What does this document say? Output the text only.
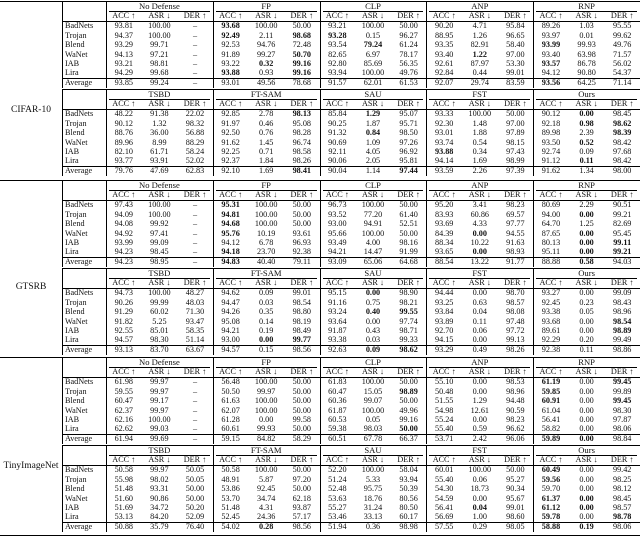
CIFAR-10
No Defense	FP	CLP	ANP	RNP
ACC ↑	ASR ↓	DER ↑	ACC ↑	ASR ↓	DER ↑	ACC ↑	ASR ↓	DER ↑	ACC ↑	ASR ↓	DER ↑	ACC ↑	ASR ↓	DER ↑
BadNets	93.81	100.00	–	93.68	100.00	50.00	93.21	100.00	50.00	90.20	4.71	95.84	89.26	1.03	95.55
Trojan	94.37	100.00	–	92.49	2.11	98.68	93.28	0.15	96.27	88.95	1.26	96.65	93.97	0.01	99.62
Blend	93.29	99.71	–	92.53	94.76	72.48	93.54	79.24	61.24	93.35	82.91	58.40	93.99	99.93	49.76
WaNet	94.13	97.21	–	91.89	99.27	50.70	82.65	6.97	78.17	93.40	1.22	97.00	93.40	63.98	71.57
IAB	93.21	98.81	–	93.22	0.32	99.16	92.80	85.69	56.35	92.61	87.97	53.30	93.57	86.78	56.02
Lira	94.29	99.68	–	93.88	0.93	99.16	93.94	100.00	49.76	92.84	0.44	99.01	94.12	90.80	54.37
Average	93.85	99.24	–	93.01	49.56	78.68	91.57	62.01	61.53	92.07	29.74	83.59	93.56	64.25	71.14
TSBD	FT-SAM	SAU	FST	Ours
ACC ↑	ASR ↓	DER ↑	ACC ↑	ASR ↓	DER ↑	ACC ↑	ASR ↓	DER ↑	ACC ↑	ASR ↓	DER ↑	ACC ↑	ASR ↓	DER ↑
BadNets	48.22	91.38	22.02	92.85	2.78	98.13	85.84	1.29	95.07	93.33	100.00	50.00	90.12	0.00	98.45
Trojan	90.12	1.32	98.32	91.97	0.46	95.08	90.25	1.87	95.71	92.30	1.48	97.00	92.18	0.98	98.62
Blend	88.76	36.00	56.88	92.50	0.76	98.28	91.32	0.84	98.50	93.01	1.88	97.89	89.98	2.39	98.39
WaNet	89.96	8.99	88.29	91.62	1.45	96.74	90.69	1.09	97.26	93.74	0.54	98.15	93.50	0.52	98.42
IAB	82.10	61.71	58.24	92.25	0.71	98.58	92.11	4.05	96.92	93.88	0.34	97.43	92.74	0.09	97.68
Lira	93.77	93.91	52.02	92.37	1.84	98.26	90.06	2.05	95.81	94.14	1.69	98.99	91.12	0.11	98.42
Average	79.76	47.69	62.83	92.10	1.69	98.41	90.04	1.14	97.44	93.59	2.26	97.39	91.62	1.34	98.00
GTSRB
No Defense	FP	CLP	ANP	RNP
ACC ↑	ASR ↓	DER ↑	ACC ↑	ASR ↓	DER ↑	ACC ↑	ASR ↓	DER ↑	ACC ↑	ASR ↓	DER ↑	ACC ↑	ASR ↓	DER ↑
BadNets	97.43	100.00	–	95.31	100.00	50.00	96.73	100.00	50.00	95.20	3.41	98.23	80.69	2.29	90.51
Trojan	94.09	100.00	–	94.81	100.00	50.00	93.52	77.20	61.40	83.93	60.86	69.57	94.00	0.00	99.21
Blend	94.08	99.92	–	94.68	100.00	50.00	93.00	94.91	52.51	93.69	4.33	97.77	64.70	1.25	82.69
WaNet	94.92	97.41	–	95.76	10.19	93.61	95.66	100.00	50.00	84.39	0.00	94.55	87.65	0.00	95.45
IAB	93.99	99.09	–	94.12	6.78	96.93	93.49	4.00	98.16	88.34	10.22	91.63	80.13	0.00	99.11
Lira	94.23	98.45	–	94.18	23.70	92.38	94.21	14.47	91.99	93.65	0.00	98.93	95.11	0.00	99.21
Average	94.23	98.95	–	94.83	40.40	79.11	93.09	65.06	64.68	88.54	13.22	91.77	88.88	0.58	94.03
TSBD	FT-SAM	SAU	FST	Ours
ACC ↑	ASR ↓	DER ↑	ACC ↑	ASR ↓	DER ↑	ACC ↑	ASR ↓	DER ↑	ACC ↑	ASR ↓	DER ↑	ACC ↑	ASR ↓	DER ↑
BadNets	94.73	100.00	48.27	94.62	0.09	99.01	95.15	0.00	98.90	94.44	0.00	98.70	93.27	0.00	99.09
Trojan	90.26	99.99	48.03	94.47	0.03	98.54	91.16	0.75	98.21	93.25	0.63	98.57	92.45	0.23	98.43
Blend	91.29	60.02	71.30	94.26	0.35	98.80	93.24	0.40	99.55	93.84	0.04	98.08	93.38	0.05	98.96
WaNet	91.82	5.25	93.47	95.08	0.14	98.19	93.64	0.00	97.74	93.89	0.11	97.48	93.68	0.00	98.54
IAB	92.55	85.01	58.35	94.21	0.19	98.49	91.87	0.43	98.71	92.70	0.06	97.72	89.61	0.00	98.89
Lira	94.57	98.30	51.14	93.00	0.00	99.77	93.38	0.03	99.33	94.15	0.00	99.13	92.29	0.20	99.49
Average	93.13	83.70	63.67	94.57	0.15	98.56	92.63	0.09	98.62	93.29	0.49	98.26	92.38	0.11	98.86
TinyImageNet
No Defense	FP	CLP	ANP	RNP
ACC ↑	ASR ↓	DER ↑	ACC ↑	ASR ↓	DER ↑	ACC ↑	ASR ↓	DER ↑	ACC ↑	ASR ↓	DER ↑	ACC ↑	ASR ↓	DER ↑
BadNets	61.98	99.97	–	56.48	100.00	50.00	61.83	100.00	50.00	55.10	0.00	98.53	61.19	0.00	99.45
Trojan	59.55	99.97	–	50.50	99.97	50.00	60.47	15.05	98.89	50.48	0.00	98.96	59.85	0.00	99.89
Blend	60.47	99.17	–	61.63	100.00	50.00	60.36	99.07	50.00	51.55	1.29	94.48	60.91	0.00	99.45
WaNet	62.37	99.97	–	62.07	100.00	50.00	61.87	100.00	49.96	54.98	12.61	90.59	61.04	0.00	98.30
IAB	62.16	100.00	–	61.28	0.00	99.58	60.53	0.05	99.16	55.24	0.00	98.23	56.41	0.00	97.87
Lira	62.62	99.03	–	60.61	99.93	50.00	59.38	98.03	50.00	55.40	0.59	96.62	58.82	0.00	98.06
Average	61.94	99.69	–	59.15	84.82	58.29	60.51	67.78	66.37	53.71	2.42	96.06	59.89	0.00	98.84
TSBD	FT-SAM	SAU	FST	Ours
ACC ↑	ASR ↓	DER ↑	ACC ↑	ASR ↓	DER ↑	ACC ↑	ASR ↓	DER ↑	ACC ↑	ASR ↓	DER ↑	ACC ↑	ASR ↓	DER ↑
BadNets	50.58	99.97	50.05	50.58	100.00	50.00	52.20	100.00	58.04	60.01	100.00	50.00	60.49	0.00	99.42
Trojan	55.98	98.02	50.05	48.91	5.87	97.20	51.24	5.33	93.94	55.40	0.06	95.27	59.56	0.00	98.25
Blend	51.48	93.31	50.00	53.86	92.45	50.00	52.48	95.75	50.39	54.30	18.73	90.34	59.70	0.00	98.12
WaNet	51.60	90.86	50.00	53.70	34.74	62.18	53.63	18.76	80.56	54.59	0.00	95.67	61.37	0.00	98.45
IAB	51.69	34.72	50.20	51.48	4.31	93.87	55.27	31.24	80.50	56.41	0.04	99.01	61.12	0.00	98.57
Lira	53.13	84.20	52.09	52.45	24.36	57.17	53.46	33.13	60.17	56.69	1.00	98.60	59.78	0.00	98.78
Average	50.88	35.79	76.40	54.02	0.28	98.56	51.94	0.36	98.98	57.55	0.29	98.05	58.88	0.19	98.06
